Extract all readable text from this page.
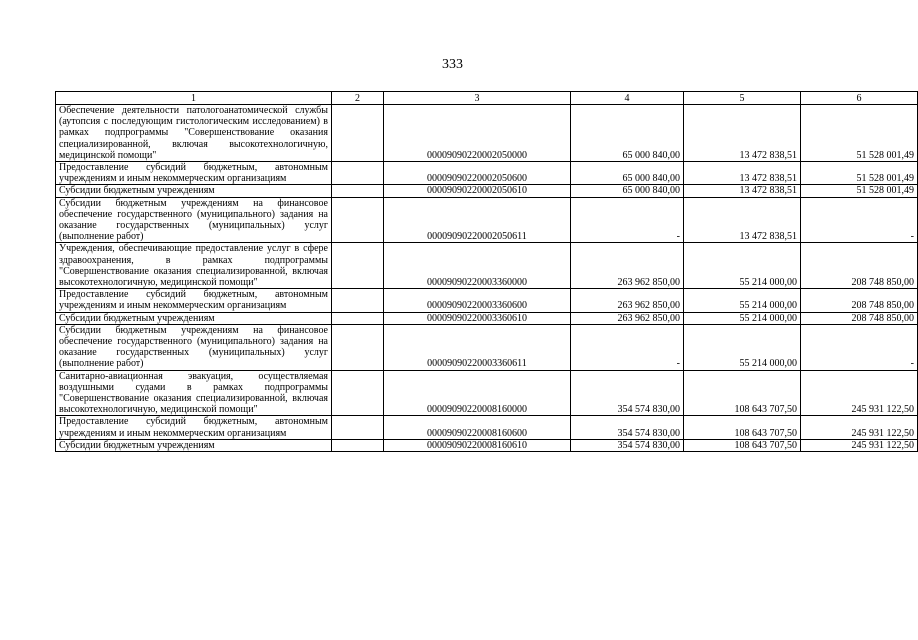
333
1	2	3	4	5	6
Обеспечение деятельности патологоанатомической службы (аутопсия с последующим гистологическим исследованием) в рамках подпрограммы "Совершенствование оказания специализированной, включая высокотехнологичную, медицинской помощи"		00009090220002050000	65 000 840,00	13 472 838,51	51 528 001,49
Предоставление субсидий бюджетным, автономным учреждениям и иным некоммерческим организациям		00009090220002050600	65 000 840,00	13 472 838,51	51 528 001,49
Субсидии бюджетным учреждениям		00009090220002050610	65 000 840,00	13 472 838,51	51 528 001,49
Субсидии бюджетным учреждениям на финансовое обеспечение государственного (муниципального) задания на оказание государственных (муниципальных) услуг (выполнение работ)		00009090220002050611	-	13 472 838,51	-
Учреждения, обеспечивающие предоставление услуг в сфере здравоохранения, в рамках подпрограммы "Совершенствование оказания специализированной, включая высокотехнологичную, медицинской помощи"		00009090220003360000	263 962 850,00	55 214 000,00	208 748 850,00
Предоставление субсидий бюджетным, автономным учреждениям и иным некоммерческим организациям		00009090220003360600	263 962 850,00	55 214 000,00	208 748 850,00
Субсидии бюджетным учреждениям		00009090220003360610	263 962 850,00	55 214 000,00	208 748 850,00
Субсидии бюджетным учреждениям на финансовое обеспечение государственного (муниципального) задания на оказание государственных (муниципальных) услуг (выполнение работ)		00009090220003360611	-	55 214 000,00	-
Санитарно-авиационная эвакуация, осуществляемая воздушными судами в рамках подпрограммы "Совершенствование оказания специализированной, включая высокотехнологичную, медицинской помощи"		00009090220008160000	354 574 830,00	108 643 707,50	245 931 122,50
Предоставление субсидий бюджетным, автономным учреждениям и иным некоммерческим организациям		00009090220008160600	354 574 830,00	108 643 707,50	245 931 122,50
Субсидии бюджетным учреждениям		00009090220008160610	354 574 830,00	108 643 707,50	245 931 122,50
